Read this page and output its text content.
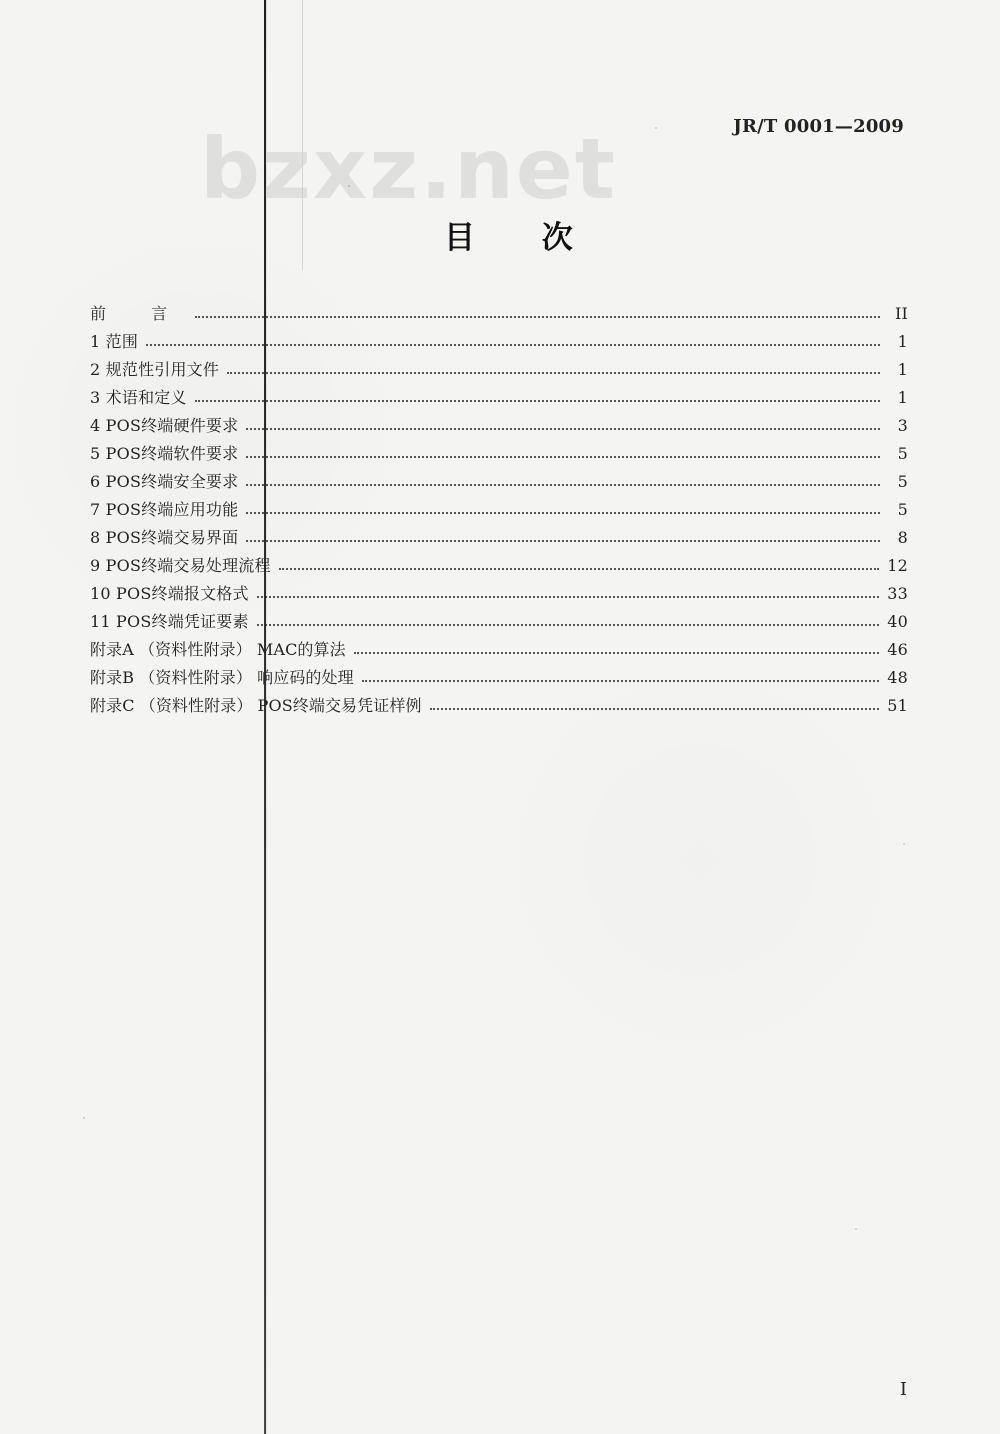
bzxz.net	JR/T 0001—2009
目 次
前 言	II
1 范围	1
2 规范性引用文件	1
3 术语和定义	1
4 POS终端硬件要求	3
5 POS终端软件要求	5
6 POS终端安全要求	5
7 POS终端应用功能	5
8 POS终端交易界面	8
9 POS终端交易处理流程	12
10 POS终端报文格式	33
11 POS终端凭证要素	40
附录A （资料性附录） MAC的算法	46
附录B （资料性附录） 响应码的处理	48
附录C （资料性附录） POS终端交易凭证样例	51
I
